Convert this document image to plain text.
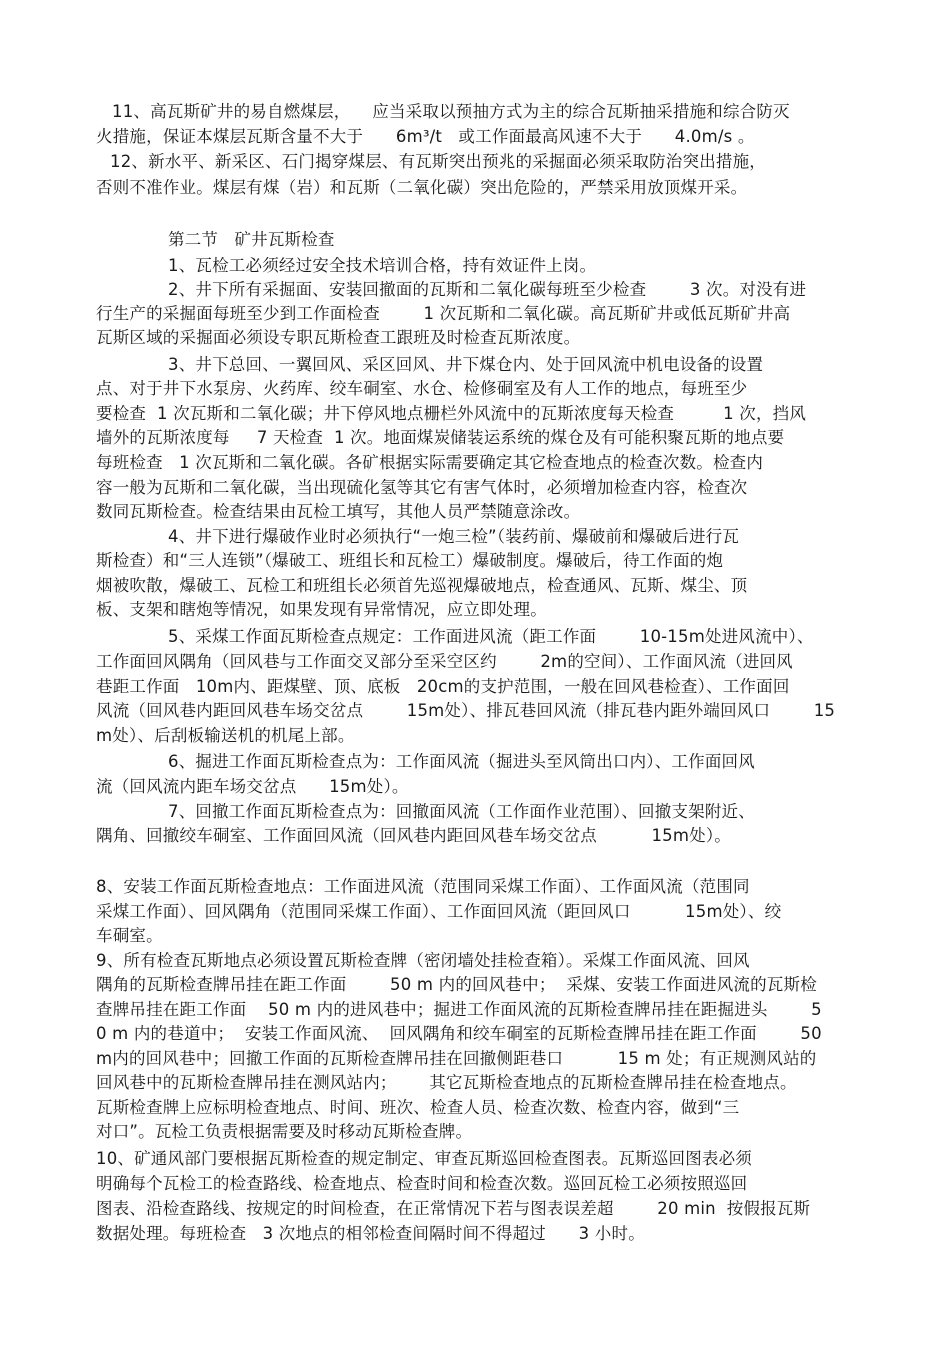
11、高瓦斯矿井的易自燃煤层，    应当采取以预抽方式为主的综合瓦斯抽采措施和综合防灭
火措施，保证本煤层瓦斯含量不大于      6m³/t   或工作面最高风速不大于      4.0m/s 。
12、新水平、新采区、石门揭穿煤层、有瓦斯突出预兆的采掘面必须采取防治突出措施，
否则不准作业。煤层有煤（岩）和瓦斯（二氧化碳）突出危险的，严禁采用放顶煤开采。
第二节   矿井瓦斯检查
1、瓦检工必须经过安全技术培训合格，持有效证件上岗。
2、井下所有采掘面、安装回撤面的瓦斯和二氧化碳每班至少检查        3 次。对没有进
行生产的采掘面每班至少到工作面检查        1 次瓦斯和二氧化碳。高瓦斯矿井或低瓦斯矿井高
瓦斯区域的采掘面必须设专职瓦斯检查工跟班及时检查瓦斯浓度。
3、井下总回、一翼回风、采区回风、井下煤仓内、处于回风流中机电设备的设置
点、对于井下水泵房、火药库、绞车硐室、水仓、检修硐室及有人工作的地点，每班至少
要检查  1 次瓦斯和二氧化碳；井下停风地点栅栏外风流中的瓦斯浓度每天检查         1 次，挡风
墙外的瓦斯浓度每     7 天检查  1 次。地面煤炭储装运系统的煤仓及有可能积聚瓦斯的地点要
每班检查   1 次瓦斯和二氧化碳。各矿根据实际需要确定其它检查地点的检查次数。检查内
容一般为瓦斯和二氧化碳，当出现硫化氢等其它有害气体时，必须增加检查内容，检查次
数同瓦斯检查。检查结果由瓦检工填写，其他人员严禁随意涂改。
4、井下进行爆破作业时必须执行“一炮三检”（装药前、爆破前和爆破后进行瓦
斯检查）和“三人连锁”（爆破工、班组长和瓦检工）爆破制度。爆破后，待工作面的炮
烟被吹散，爆破工、瓦检工和班组长必须首先巡视爆破地点，检查通风、瓦斯、煤尘、顶
板、支架和瞎炮等情况，如果发现有异常情况，应立即处理。
5、采煤工作面瓦斯检查点规定：工作面进风流（距工作面        10-15m处进风流中）、
工作面回风隅角（回风巷与工作面交叉部分至采空区约        2m的空间）、工作面风流（进回风
巷距工作面   10m内、距煤壁、顶、底板   20cm的支护范围，一般在回风巷检查）、工作面回
风流（回风巷内距回风巷车场交岔点        15m处）、排瓦巷回风流（排瓦巷内距外端回风口        15
m处）、后刮板输送机的机尾上部。
6、掘进工作面瓦斯检查点为：工作面风流（掘进头至风筒出口内）、工作面回风
流（回风流内距车场交岔点      15m处）。
7、回撤工作面瓦斯检查点为：回撤面风流（工作面作业范围）、回撤支架附近、
隅角、回撤绞车硐室、工作面回风流（回风巷内距回风巷车场交岔点          15m处）。
8、安装工作面瓦斯检查地点：工作面进风流（范围同采煤工作面）、工作面风流（范围同
采煤工作面）、回风隅角（范围同采煤工作面）、工作面回风流（距回风口          15m处）、绞
车硐室。
9、所有检查瓦斯地点必须设置瓦斯检查牌（密闭墙处挂检查箱）。采煤工作面风流、回风
隅角的瓦斯检查牌吊挂在距工作面        50 m 内的回风巷中；  采煤、安装工作面进风流的瓦斯检
查牌吊挂在距工作面    50 m 内的进风巷中；掘进工作面风流的瓦斯检查牌吊挂在距掘进头        5
0 m 内的巷道中；  安装工作面风流、  回风隅角和绞车硐室的瓦斯检查牌吊挂在距工作面        50
m内的回风巷中；回撤工作面的瓦斯检查牌吊挂在回撤侧距巷口          15 m 处；有正规测风站的
回风巷中的瓦斯检查牌吊挂在测风站内；      其它瓦斯检查地点的瓦斯检查牌吊挂在检查地点。
瓦斯检查牌上应标明检查地点、时间、班次、检查人员、检查次数、检查内容，做到“三
对口”。瓦检工负责根据需要及时移动瓦斯检查牌。
10、矿通风部门要根据瓦斯检查的规定制定、审查瓦斯巡回检查图表。瓦斯巡回图表必须
明确每个瓦检工的检查路线、检查地点、检查时间和检查次数。巡回瓦检工必须按照巡回
图表、沿检查路线、按规定的时间检查，在正常情况下若与图表误差超        20 min  按假报瓦斯
数据处理。每班检查   3 次地点的相邻检查间隔时间不得超过      3 小时。
